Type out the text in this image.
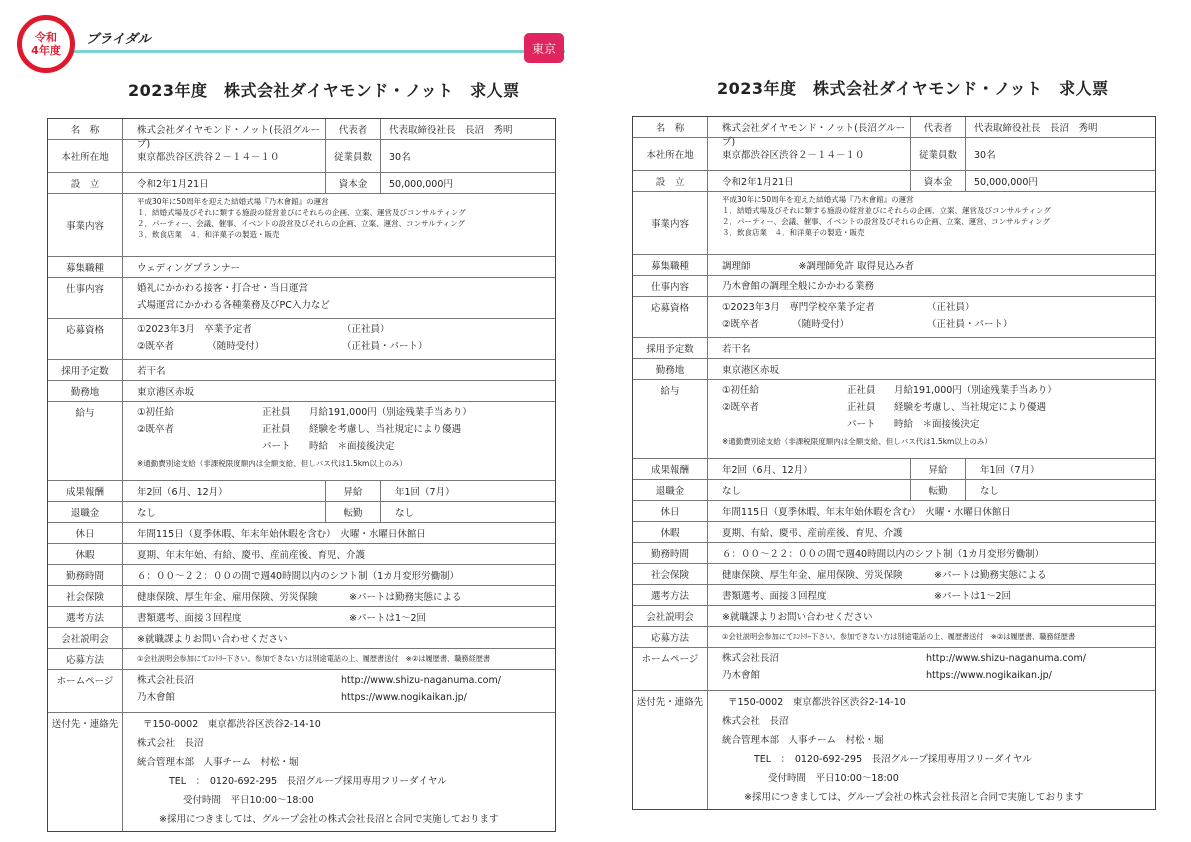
令和
4年度
ブライダル
東京
2023年度　株式会社ダイヤモンド・ノット　求人票
名　称	株式会社ダイヤモンド・ノット(長沼グループ)
代表者	代表取締役社長　長沼　秀明
本社所在地	東京都渋谷区渋谷２－１４－１０	従業員数	30名
設　立	令和2年1月21日	資本金	50,000,000円
事業内容
平成30年に50周年を迎えた結婚式場『乃木會館』の運営
１．結婚式場及びそれに類する施設の経営並びにそれらの企画、立案、運営及びコンサルティング
２．パーティー、会議、催事、イベントの設営及びそれらの企画、立案、運営、コンサルティング
３．飲食店業　４．和洋菓子の製造・販売
募集職種	ウェディングプランナー
仕事内容	婚礼にかかわる接客・打合せ・当日運営
式場運営にかかわる各種業務及びPC入力など
応募資格	①2023年3月　卒業予定者	（正社員）
②既卒者　　　　（随時受付）	（正社員・パート）
採用予定数	若干名
勤務地	東京港区赤坂
給与	①初任給	正社員 月給191,000円（別途残業手当あり）
②既卒者	正社員 経験を考慮し、当社規定により優遇
パート 時給　＊面接後決定
※通勤費別途支給（非課税限度額内は全額支給、但しバス代は1.5km以上のみ）
成果報酬	年2回（6月、12月）	昇給	年1回（7月）
退職金	なし	転勤	なし
休日	年間115日（夏季休暇、年末年始休暇を含む）　火曜・水曜日休館日
休暇	夏期、年末年始、有給、慶弔、産前産後、育児、介護
勤務時間	６：００～２２：００の間で週40時間以内のシフト制（1カ月変形労働制）
社会保険	健康保険、厚生年金、雇用保険、労災保険	※パートは勤務実態による
選考方法	書類選考、面接３回程度	※パートは1～2回
会社説明会	※就職課よりお問い合わせください
応募方法	①会社説明会参加にてｴﾝﾄﾘｰ下さい。参加できない方は別途電話の上、履歴書送付　※②は履歴書、職務経歴書
ホームページ	株式会社長沼	http://www.shizu-naganuma.com/
乃木會館	https://www.nogikaikan.jp/
送付先・連絡先	〒150-0002　東京都渋谷区渋谷2-14-10
株式会社　長沼
統合管理本部　人事チーム　村松・堀
TEL　：　0120-692-295　長沼グループ採用専用フリーダイヤル
受付時間　平日10:00～18:00
※採用につきましては、グループ会社の株式会社長沼と合同で実施しております
2023年度　株式会社ダイヤモンド・ノット　求人票
名　称	株式会社ダイヤモンド・ノット(長沼グループ)
代表者	代表取締役社長　長沼　秀明
本社所在地	東京都渋谷区渋谷２－１４－１０	従業員数	30名
設　立	令和2年1月21日	資本金	50,000,000円
事業内容
平成30年に50周年を迎えた結婚式場『乃木會館』の運営
１．結婚式場及びそれに類する施設の経営並びにそれらの企画、立案、運営及びコンサルティング
２．パーティー、会議、催事、イベントの設営及びそれらの企画、立案、運営、コンサルティング
３．飲食店業　４．和洋菓子の製造・販売
募集職種	調理師	※調理師免許 取得見込み者
仕事内容	乃木會館の調理全般にかかわる業務
応募資格	①2023年3月　専門学校卒業予定者	（正社員）
②既卒者　　　　（随時受付）	（正社員・パート）
採用予定数	若干名
勤務地	東京港区赤坂
給与	①初任給	正社員 月給191,000円（別途残業手当あり）
②既卒者	正社員 経験を考慮し、当社規定により優遇
パート 時給　＊面接後決定
※通勤費別途支給（非課税限度額内は全額支給、但しバス代は1.5km以上のみ）
成果報酬	年2回（6月、12月）	昇給	年1回（7月）
退職金	なし	転勤	なし
休日	年間115日（夏季休暇、年末年始休暇を含む）　火曜・水曜日休館日
休暇	夏期、有給、慶弔、産前産後、育児、介護
勤務時間	６：００～２２：００の間で週40時間以内のシフト制（1カ月変形労働制）
社会保険	健康保険、厚生年金、雇用保険、労災保険	※パートは勤務実態による
選考方法	書類選考、面接３回程度	※パートは1～2回
会社説明会	※就職課よりお問い合わせください
応募方法	①会社説明会参加にてｴﾝﾄﾘｰ下さい。参加できない方は別途電話の上、履歴書送付　※②は履歴書、職務経歴書
ホームページ	株式会社長沼	http://www.shizu-naganuma.com/
乃木會館	https://www.nogikaikan.jp/
送付先・連絡先	〒150-0002　東京都渋谷区渋谷2-14-10
株式会社　長沼
統合管理本部　人事チーム　村松・堀
TEL　：　0120-692-295　長沼グループ採用専用フリーダイヤル
受付時間　平日10:00～18:00
※採用につきましては、グループ会社の株式会社長沼と合同で実施しております
